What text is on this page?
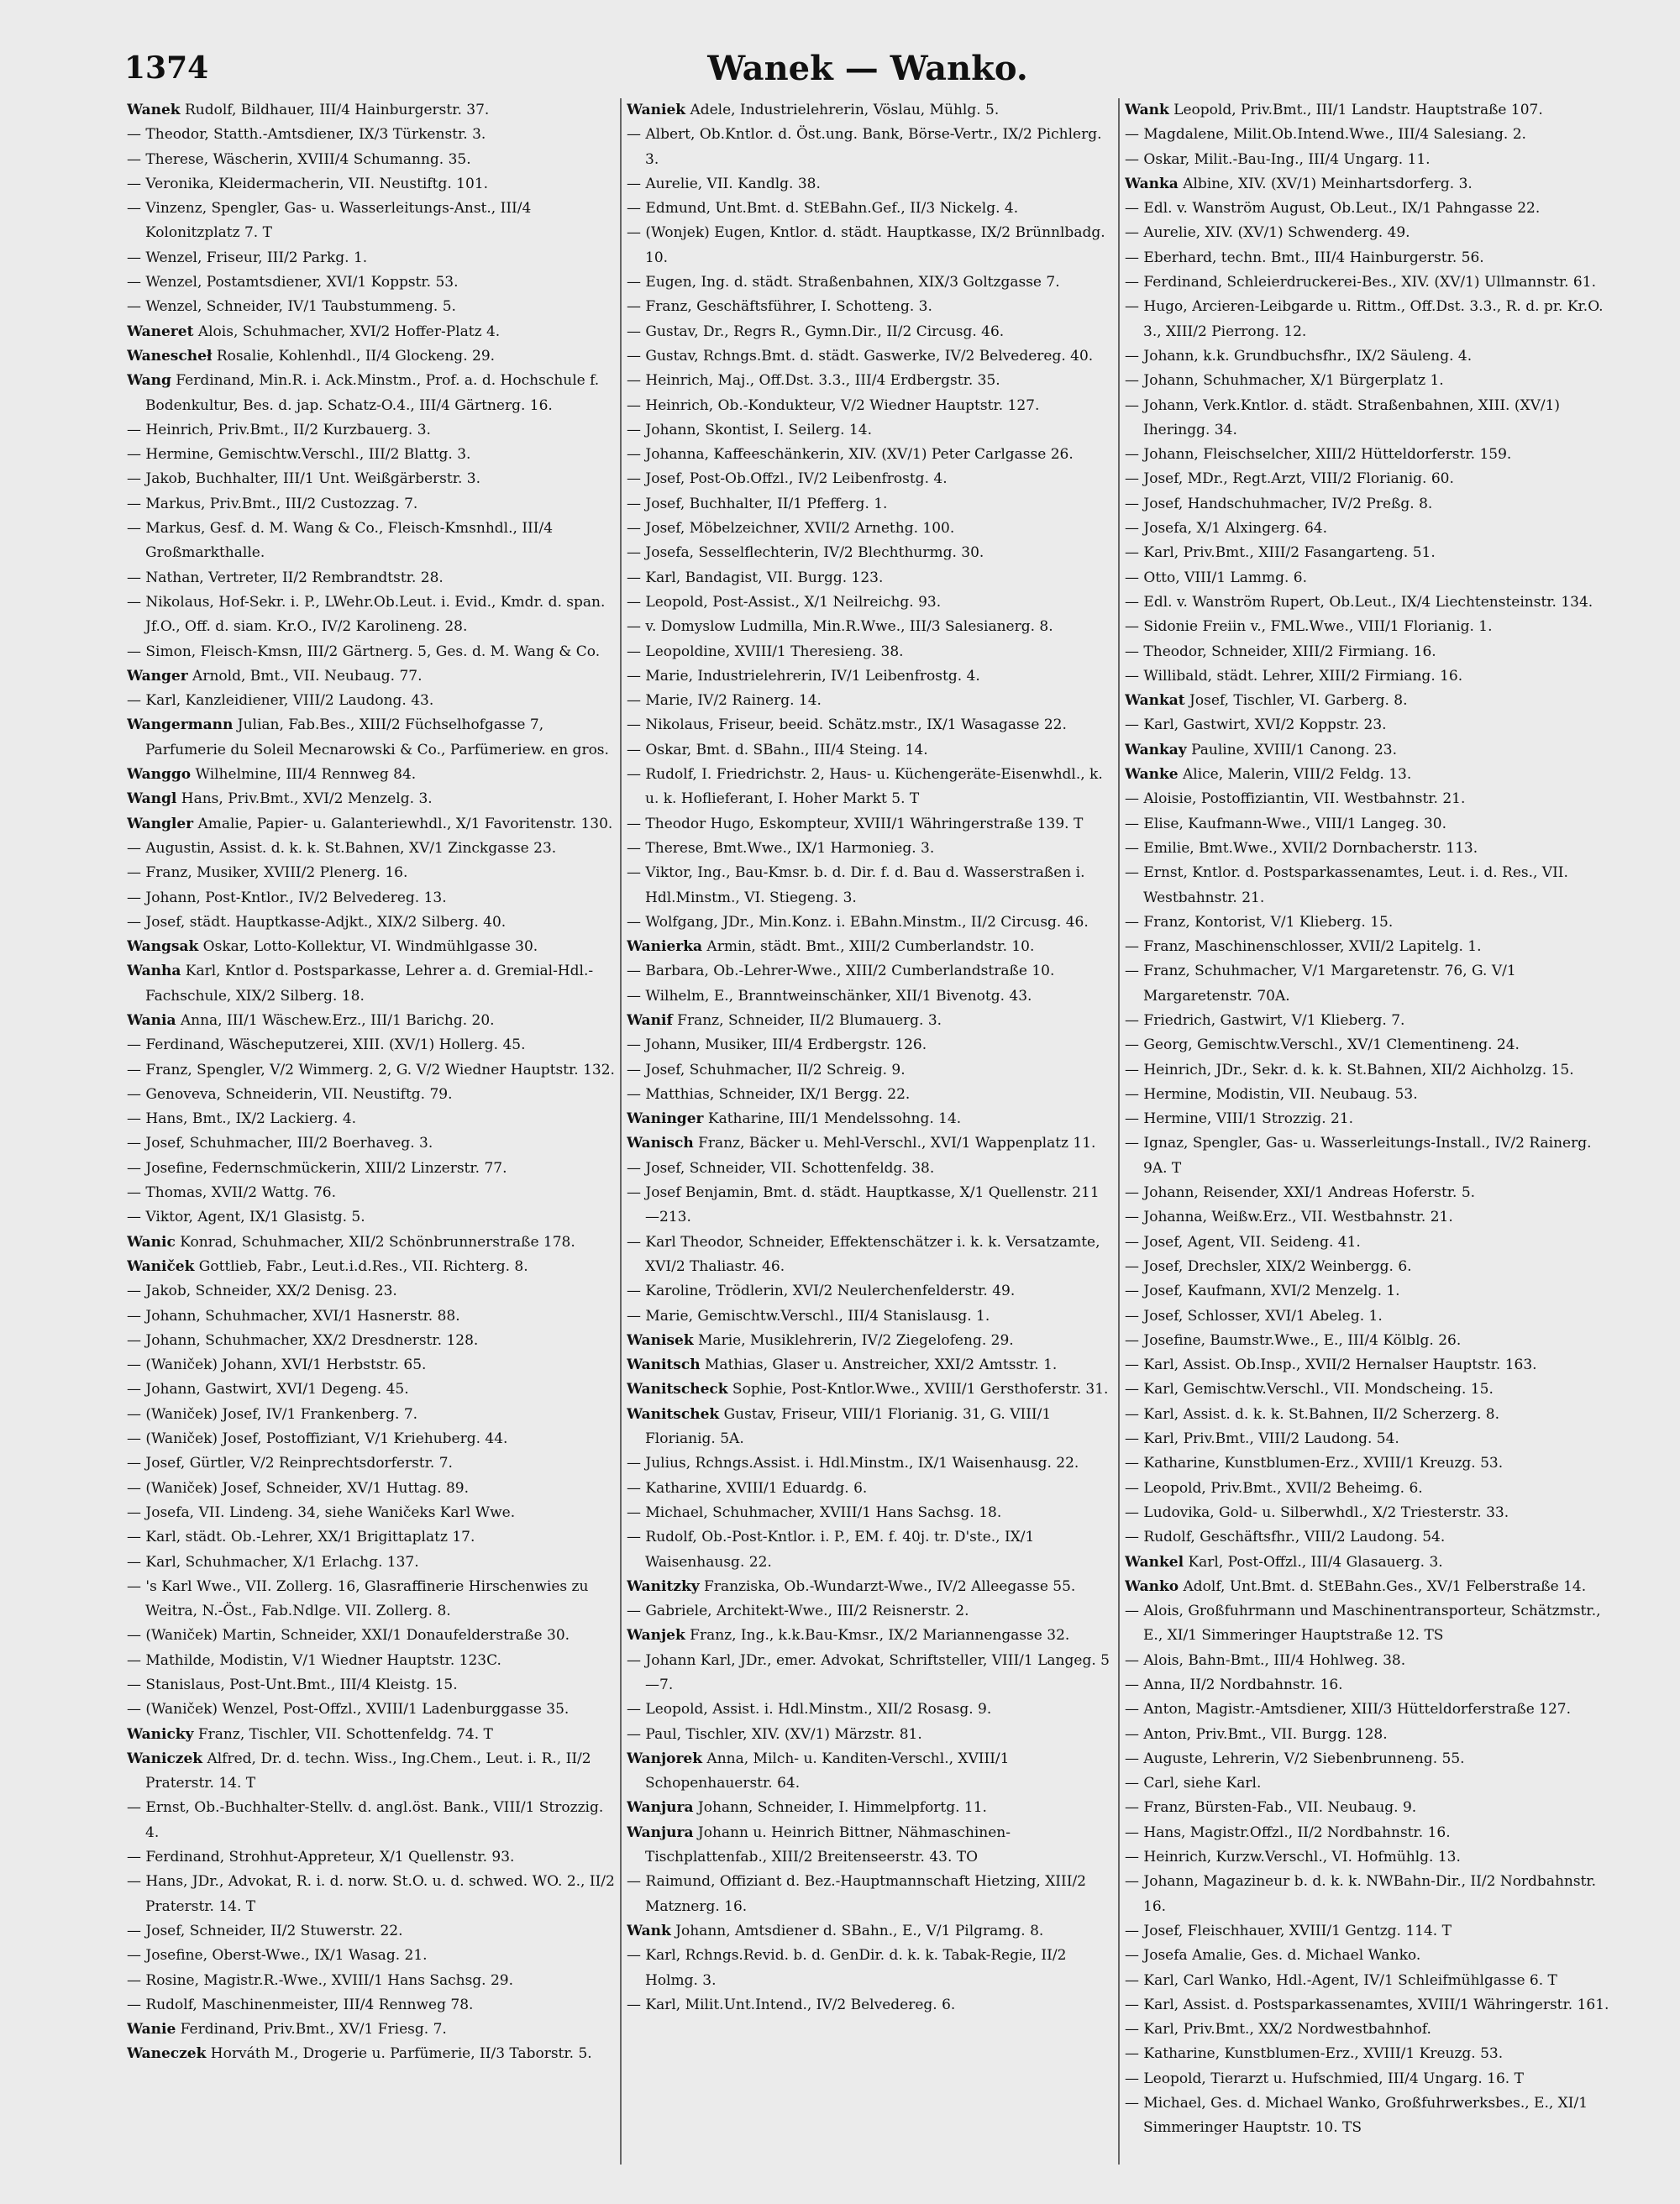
1374	Wanek — Wanko.

Wanek Rudolf, Bildhauer, III/4 Hainburgerstr. 37.

— Theodor, Statth.-Amtsdiener, IX/3 Türkenstr. 3.

— Therese, Wäscherin, XVIII/4 Schumanng. 35.

— Veronika, Kleidermacherin, VII. Neustiftg. 101.

— Vinzenz, Spengler, Gas- u. Wasserleitungs-Anst., III/4 Kolonitzplatz 7. T

— Wenzel, Friseur, III/2 Parkg. 1.

— Wenzel, Postamtsdiener, XVI/1 Koppstr. 53.

— Wenzel, Schneider, IV/1 Taubstummeng. 5.

Waneret Alois, Schuhmacher, XVI/2 Hoffer-Platz 4.

Wanescheł Rosalie, Kohlenhdl., II/4 Glockeng. 29.

Wang Ferdinand, Min.R. i. Ack.Minstm., Prof. a. d. Hochschule f. Bodenkultur, Bes. d. jap. Schatz-O.4., III/4 Gärtnerg. 16.

— Heinrich, Priv.Bmt., II/2 Kurzbauerg. 3.

— Hermine, Gemischtw.Verschl., III/2 Blattg. 3.

— Jakob, Buchhalter, III/1 Unt. Weißgärberstr. 3.

— Markus, Priv.Bmt., III/2 Custozzag. 7.

— Markus, Gesf. d. M. Wang & Co., Fleisch-Kmsnhdl., III/4 Großmarkthalle.

— Nathan, Vertreter, II/2 Rembrandtstr. 28.

— Nikolaus, Hof-Sekr. i. P., LWehr.Ob.Leut. i. Evid., Kmdr. d. span. Jf.O., Off. d. siam. Kr.O., IV/2 Karolineng. 28.

— Simon, Fleisch-Kmsn, III/2 Gärtnerg. 5, Ges. d. M. Wang & Co.

Wanger Arnold, Bmt., VII. Neubaug. 77.

— Karl, Kanzleidiener, VIII/2 Laudong. 43.

Wangermann Julian, Fab.Bes., XIII/2 Füchselhofgasse 7, Parfumerie du Soleil Mecnarowski & Co., Parfümeriew. en gros.

Wanggo Wilhelmine, III/4 Rennweg 84.

Wangl Hans, Priv.Bmt., XVI/2 Menzelg. 3.

Wangler Amalie, Papier- u. Galanteriewhdl., X/1 Favoritenstr. 130.

— Augustin, Assist. d. k. k. St.Bahnen, XV/1 Zinckgasse 23.

— Franz, Musiker, XVIII/2 Plenerg. 16.

— Johann, Post-Kntlor., IV/2 Belvedereg. 13.

— Josef, städt. Hauptkasse-Adjkt., XIX/2 Silberg. 40.

Wangsak Oskar, Lotto-Kollektur, VI. Windmühlgasse 30.

Wanha Karl, Kntlor d. Postsparkasse, Lehrer a. d. Gremial-Hdl.-Fachschule, XIX/2 Silberg. 18.

Wania Anna, III/1 Wäschew.Erz., III/1 Barichg. 20.

— Ferdinand, Wäscheputzerei, XIII. (XV/1) Hollerg. 45.

— Franz, Spengler, V/2 Wimmerg. 2, G. V/2 Wiedner Hauptstr. 132.

— Genoveva, Schneiderin, VII. Neustiftg. 79.

— Hans, Bmt., IX/2 Lackierg. 4.

— Josef, Schuhmacher, III/2 Boerhaveg. 3.

— Josefine, Federnschmückerin, XIII/2 Linzerstr. 77.

— Thomas, XVII/2 Wattg. 76.

— Viktor, Agent, IX/1 Glasistg. 5.

Wanic Konrad, Schuhmacher, XII/2 Schönbrunnerstraße 178.

Waniček Gottlieb, Fabr., Leut.i.d.Res., VII. Richterg. 8.

— Jakob, Schneider, XX/2 Denisg. 23.

— Johann, Schuhmacher, XVI/1 Hasnerstr. 88.

— Johann, Schuhmacher, XX/2 Dresdnerstr. 128.

— (Waniček) Johann, XVI/1 Herbststr. 65.

— Johann, Gastwirt, XVI/1 Degeng. 45.

— (Waniček) Josef, IV/1 Frankenberg. 7.

— (Waniček) Josef, Postoffiziant, V/1 Kriehuberg. 44.

— Josef, Gürtler, V/2 Reinprechtsdorferstr. 7.

— (Waniček) Josef, Schneider, XV/1 Huttag. 89.

— Josefa, VII. Lindeng. 34, siehe Waničeks Karl Wwe.

— Karl, städt. Ob.-Lehrer, XX/1 Brigittaplatz 17.

— Karl, Schuhmacher, X/1 Erlachg. 137.

— 's Karl Wwe., VII. Zollerg. 16, Glasraffinerie Hirschenwies zu Weitra, N.-Öst., Fab.Ndlge. VII. Zollerg. 8.

— (Waniček) Martin, Schneider, XXI/1 Donaufelderstraße 30.

— Mathilde, Modistin, V/1 Wiedner Hauptstr. 123C.

— Stanislaus, Post-Unt.Bmt., III/4 Kleistg. 15.

— (Waniček) Wenzel, Post-Offzl., XVIII/1 Ladenburggasse 35.

Wanicky Franz, Tischler, VII. Schottenfeldg. 74. T

Waniczek Alfred, Dr. d. techn. Wiss., Ing.Chem., Leut. i. R., II/2 Praterstr. 14. T

— Ernst, Ob.-Buchhalter-Stellv. d. angl.öst. Bank., VIII/1 Strozzig. 4.

— Ferdinand, Strohhut-Appreteur, X/1 Quellenstr. 93.

— Hans, JDr., Advokat, R. i. d. norw. St.O. u. d. schwed. WO. 2., II/2 Praterstr. 14. T

— Josef, Schneider, II/2 Stuwerstr. 22.

— Josefine, Oberst-Wwe., IX/1 Wasag. 21.

— Rosine, Magistr.R.-Wwe., XVIII/1 Hans Sachsg. 29.

— Rudolf, Maschinenmeister, III/4 Rennweg 78.

Wanie Ferdinand, Priv.Bmt., XV/1 Friesg. 7.

Waneczek Horváth M., Drogerie u. Parfümerie, II/3 Taborstr. 5.

Waniek Adele, Industrielehrerin, Vöslau, Mühlg. 5.

— Albert, Ob.Kntlor. d. Öst.ung. Bank, Börse-Vertr., IX/2 Pichlerg. 3.

— Aurelie, VII. Kandlg. 38.

— Edmund, Unt.Bmt. d. StEBahn.Gef., II/3 Nickelg. 4.

— (Wonjek) Eugen, Kntlor. d. städt. Hauptkasse, IX/2 Brünnlbadg. 10.

— Eugen, Ing. d. städt. Straßenbahnen, XIX/3 Goltzgasse 7.

— Franz, Geschäftsführer, I. Schotteng. 3.

— Gustav, Dr., Regrs R., Gymn.Dir., II/2 Circusg. 46.

— Gustav, Rchngs.Bmt. d. städt. Gaswerke, IV/2 Belvedereg. 40.

— Heinrich, Maj., Off.Dst. 3.3., III/4 Erdbergstr. 35.

— Heinrich, Ob.-Kondukteur, V/2 Wiedner Hauptstr. 127.

— Johann, Skontist, I. Seilerg. 14.

— Johanna, Kaffeeschänkerin, XIV. (XV/1) Peter Carlgasse 26.

— Josef, Post-Ob.Offzl., IV/2 Leibenfrostg. 4.

— Josef, Buchhalter, II/1 Pfefferg. 1.

— Josef, Möbelzeichner, XVII/2 Arnethg. 100.

— Josefa, Sesselflechterin, IV/2 Blechthurmg. 30.

— Karl, Bandagist, VII. Burgg. 123.

— Leopold, Post-Assist., X/1 Neilreichg. 93.

— v. Domyslow Ludmilla, Min.R.Wwe., III/3 Salesianerg. 8.

— Leopoldine, XVIII/1 Theresieng. 38.

— Marie, Industrielehrerin, IV/1 Leibenfrostg. 4.

— Marie, IV/2 Rainerg. 14.

— Nikolaus, Friseur, beeid. Schätz.mstr., IX/1 Wasagasse 22.

— Oskar, Bmt. d. SBahn., III/4 Steing. 14.

— Rudolf, I. Friedrichstr. 2, Haus- u. Küchengeräte-Eisenwhdl., k. u. k. Hoflieferant, I. Hoher Markt 5. T

— Theodor Hugo, Eskompteur, XVIII/1 Währingerstraße 139. T

— Therese, Bmt.Wwe., IX/1 Harmonieg. 3.

— Viktor, Ing., Bau-Kmsr. b. d. Dir. f. d. Bau d. Wasserstraßen i. Hdl.Minstm., VI. Stiegeng. 3.

— Wolfgang, JDr., Min.Konz. i. EBahn.Minstm., II/2 Circusg. 46.

Wanierka Armin, städt. Bmt., XIII/2 Cumberlandstr. 10.

— Barbara, Ob.-Lehrer-Wwe., XIII/2 Cumberlandstraße 10.

— Wilhelm, E., Branntweinschänker, XII/1 Bivenotg. 43.

Wanif Franz, Schneider, II/2 Blumauerg. 3.

— Johann, Musiker, III/4 Erdbergstr. 126.

— Josef, Schuhmacher, II/2 Schreig. 9.

— Matthias, Schneider, IX/1 Bergg. 22.

Waninger Katharine, III/1 Mendelssohng. 14.

Wanisch Franz, Bäcker u. Mehl-Verschl., XVI/1 Wappenplatz 11.

— Josef, Schneider, VII. Schottenfeldg. 38.

— Josef Benjamin, Bmt. d. städt. Hauptkasse, X/1 Quellenstr. 211—213.

— Karl Theodor, Schneider, Effektenschätzer i. k. k. Versatzamte, XVI/2 Thaliastr. 46.

— Karoline, Trödlerin, XVI/2 Neulerchenfelderstr. 49.

— Marie, Gemischtw.Verschl., III/4 Stanislausg. 1.

Wanisek Marie, Musiklehrerin, IV/2 Ziegelofeng. 29.

Wanitsch Mathias, Glaser u. Anstreicher, XXI/2 Amtsstr. 1.

Wanitscheck Sophie, Post-Kntlor.Wwe., XVIII/1 Gersthoferstr. 31.

Wanitschek Gustav, Friseur, VIII/1 Florianig. 31, G. VIII/1 Florianig. 5A.

— Julius, Rchngs.Assist. i. Hdl.Minstm., IX/1 Waisenhausg. 22.

— Katharine, XVIII/1 Eduardg. 6.

— Michael, Schuhmacher, XVIII/1 Hans Sachsg. 18.

— Rudolf, Ob.-Post-Kntlor. i. P., EM. f. 40j. tr. D'ste., IX/1 Waisenhausg. 22.

Wanitzky Franziska, Ob.-Wundarzt-Wwe., IV/2 Alleegasse 55.

— Gabriele, Architekt-Wwe., III/2 Reisnerstr. 2.

Wanjek Franz, Ing., k.k.Bau-Kmsr., IX/2 Mariannengasse 32.

— Johann Karl, JDr., emer. Advokat, Schriftsteller, VIII/1 Langeg. 5—7.

— Leopold, Assist. i. Hdl.Minstm., XII/2 Rosasg. 9.

— Paul, Tischler, XIV. (XV/1) Märzstr. 81.

Wanjorek Anna, Milch- u. Kanditen-Verschl., XVIII/1 Schopenhauerstr. 64.

Wanjura Johann, Schneider, I. Himmelpfortg. 11.

Wanjura Johann u. Heinrich Bittner, Nähmaschinen-Tischplattenfab., XIII/2 Breitenseerstr. 43. TO

— Raimund, Offiziant d. Bez.-Hauptmannschaft Hietzing, XIII/2 Matznerg. 16.

Wank Johann, Amtsdiener d. SBahn., E., V/1 Pilgramg. 8.

— Karl, Rchngs.Revid. b. d. GenDir. d. k. k. Tabak-Regie, II/2 Holmg. 3.

— Karl, Milit.Unt.Intend., IV/2 Belvedereg. 6.

Wank Leopold, Priv.Bmt., III/1 Landstr. Hauptstraße 107.

— Magdalene, Milit.Ob.Intend.Wwe., III/4 Salesiang. 2.

— Oskar, Milit.-Bau-Ing., III/4 Ungarg. 11.

Wanka Albine, XIV. (XV/1) Meinhartsdorferg. 3.

— Edl. v. Wanström August, Ob.Leut., IX/1 Pahngasse 22.

— Aurelie, XIV. (XV/1) Schwenderg. 49.

— Eberhard, techn. Bmt., III/4 Hainburgerstr. 56.

— Ferdinand, Schleierdruckerei-Bes., XIV. (XV/1) Ullmannstr. 61.

— Hugo, Arcieren-Leibgarde u. Rittm., Off.Dst. 3.3., R. d. pr. Kr.O. 3., XIII/2 Pierrong. 12.

— Johann, k.k. Grundbuchsfhr., IX/2 Säuleng. 4.

— Johann, Schuhmacher, X/1 Bürgerplatz 1.

— Johann, Verk.Kntlor. d. städt. Straßenbahnen, XIII. (XV/1) Iheringg. 34.

— Johann, Fleischselcher, XIII/2 Hütteldorferstr. 159.

— Josef, MDr., Regt.Arzt, VIII/2 Florianig. 60.

— Josef, Handschuhmacher, IV/2 Preßg. 8.

— Josefa, X/1 Alxingerg. 64.

— Karl, Priv.Bmt., XIII/2 Fasangarteng. 51.

— Otto, VIII/1 Lammg. 6.

— Edl. v. Wanström Rupert, Ob.Leut., IX/4 Liechtensteinstr. 134.

— Sidonie Freiin v., FML.Wwe., VIII/1 Florianig. 1.

— Theodor, Schneider, XIII/2 Firmiang. 16.

— Willibald, städt. Lehrer, XIII/2 Firmiang. 16.

Wankat Josef, Tischler, VI. Garberg. 8.

— Karl, Gastwirt, XVI/2 Koppstr. 23.

Wankay Pauline, XVIII/1 Canong. 23.

Wanke Alice, Malerin, VIII/2 Feldg. 13.

— Aloisie, Postoffiziantin, VII. Westbahnstr. 21.

— Elise, Kaufmann-Wwe., VIII/1 Langeg. 30.

— Emilie, Bmt.Wwe., XVII/2 Dornbacherstr. 113.

— Ernst, Kntlor. d. Postsparkassenamtes, Leut. i. d. Res., VII. Westbahnstr. 21.

— Franz, Kontorist, V/1 Klieberg. 15.

— Franz, Maschinenschlosser, XVII/2 Lapitelg. 1.

— Franz, Schuhmacher, V/1 Margaretenstr. 76, G. V/1 Margaretenstr. 70A.

— Friedrich, Gastwirt, V/1 Klieberg. 7.

— Georg, Gemischtw.Verschl., XV/1 Clementineng. 24.

— Heinrich, JDr., Sekr. d. k. k. St.Bahnen, XII/2 Aichholzg. 15.

— Hermine, Modistin, VII. Neubaug. 53.

— Hermine, VIII/1 Strozzig. 21.

— Ignaz, Spengler, Gas- u. Wasserleitungs-Install., IV/2 Rainerg. 9A. T

— Johann, Reisender, XXI/1 Andreas Hoferstr. 5.

— Johanna, Weißw.Erz., VII. Westbahnstr. 21.

— Josef, Agent, VII. Seideng. 41.

— Josef, Drechsler, XIX/2 Weinbergg. 6.

— Josef, Kaufmann, XVI/2 Menzelg. 1.

— Josef, Schlosser, XVI/1 Abeleg. 1.

— Josefine, Baumstr.Wwe., E., III/4 Kölblg. 26.

— Karl, Assist. Ob.Insp., XVII/2 Hernalser Hauptstr. 163.

— Karl, Gemischtw.Verschl., VII. Mondscheing. 15.

— Karl, Assist. d. k. k. St.Bahnen, II/2 Scherzerg. 8.

— Karl, Priv.Bmt., VIII/2 Laudong. 54.

— Katharine, Kunstblumen-Erz., XVIII/1 Kreuzg. 53.

— Leopold, Priv.Bmt., XVII/2 Beheimg. 6.

— Ludovika, Gold- u. Silberwhdl., X/2 Triesterstr. 33.

— Rudolf, Geschäftsfhr., VIII/2 Laudong. 54.

Wankel Karl, Post-Offzl., III/4 Glasauerg. 3.

Wanko Adolf, Unt.Bmt. d. StEBahn.Ges., XV/1 Felberstraße 14.

— Alois, Großfuhrmann und Maschinentransporteur, Schätzmstr., E., XI/1 Simmeringer Hauptstraße 12. TS

— Alois, Bahn-Bmt., III/4 Hohlweg. 38.

— Anna, II/2 Nordbahnstr. 16.

— Anton, Magistr.-Amtsdiener, XIII/3 Hütteldorferstraße 127.

— Anton, Priv.Bmt., VII. Burgg. 128.

— Auguste, Lehrerin, V/2 Siebenbrunneng. 55.

— Carl, siehe Karl.

— Franz, Bürsten-Fab., VII. Neubaug. 9.

— Hans, Magistr.Offzl., II/2 Nordbahnstr. 16.

— Heinrich, Kurzw.Verschl., VI. Hofmühlg. 13.

— Johann, Magazineur b. d. k. k. NWBahn-Dir., II/2 Nordbahnstr. 16.

— Josef, Fleischhauer, XVIII/1 Gentzg. 114. T

— Josefa Amalie, Ges. d. Michael Wanko.

— Karl, Carl Wanko, Hdl.-Agent, IV/1 Schleifmühlgasse 6. T

— Karl, Assist. d. Postsparkassenamtes, XVIII/1 Währingerstr. 161.

— Karl, Priv.Bmt., XX/2 Nordwestbahnhof.

— Katharine, Kunstblumen-Erz., XVIII/1 Kreuzg. 53.

— Leopold, Tierarzt u. Hufschmied, III/4 Ungarg. 16. T

— Michael, Ges. d. Michael Wanko, Großfuhrwerksbes., E., XI/1 Simmeringer Hauptstr. 10. TS
